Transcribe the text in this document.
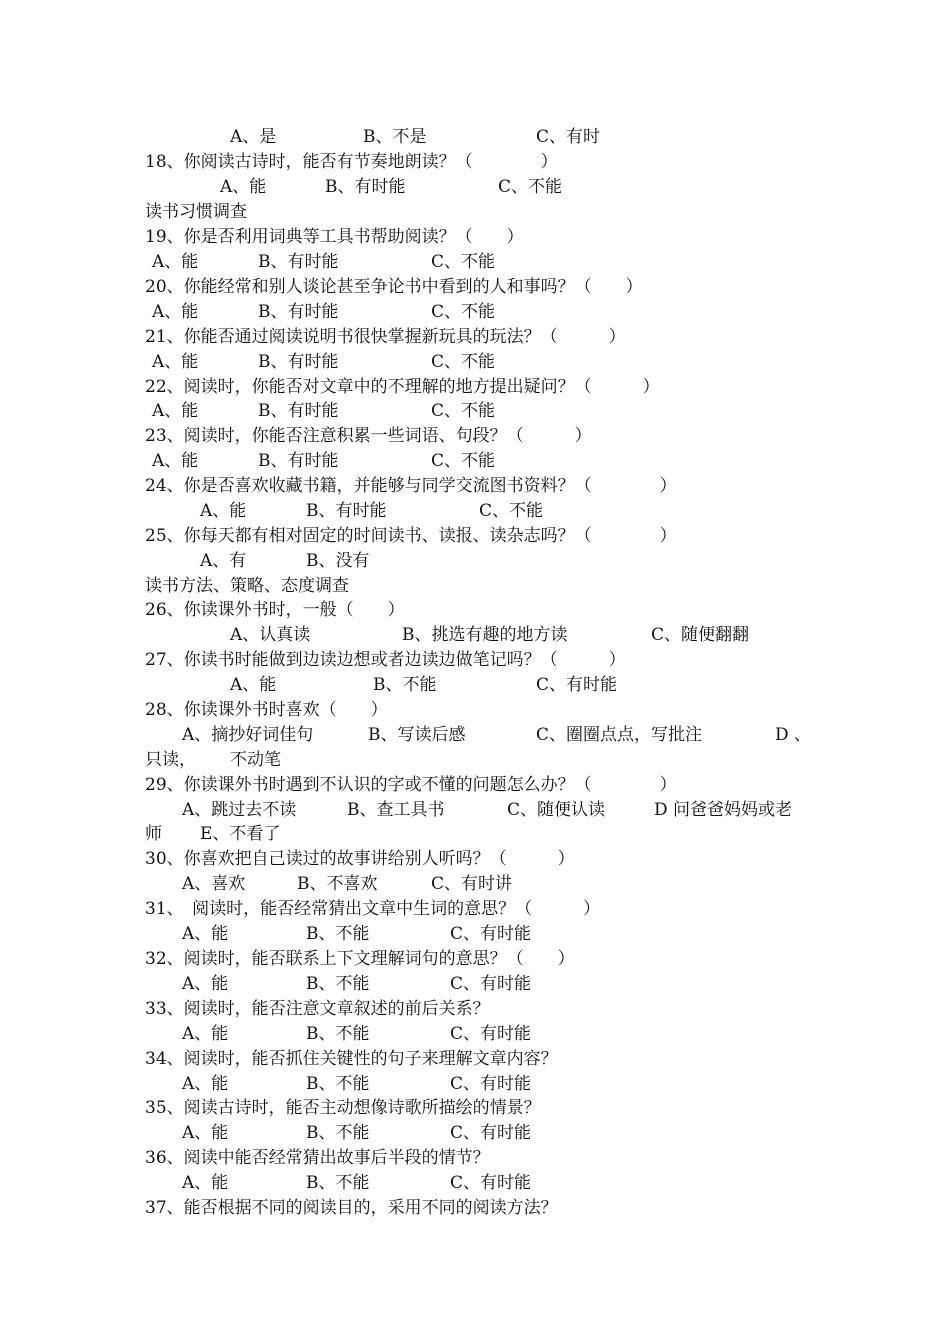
A、是	B、不是	C、有时
18、你阅读古诗时，能否有节奏地朗读？（　　　　）
A、能	B、有时能	C、不能
读书习惯调查
19、你是否利用词典等工具书帮助阅读？（　　）
A、能	B、有时能	C、不能
20、你能经常和别人谈论甚至争论书中看到的人和事吗？（　　）
A、能	B、有时能	C、不能
21、你能否通过阅读说明书很快掌握新玩具的玩法？（　　　）
A、能	B、有时能	C、不能
22、阅读时，你能否对文章中的不理解的地方提出疑问？（　　　）
A、能	B、有时能	C、不能
23、阅读时，你能否注意积累一些词语、句段？（　　　）
A、能	B、有时能	C、不能
24、你是否喜欢收藏书籍，并能够与同学交流图书资料？（　　　　）
A、能	B、有时能	C、不能
25、你每天都有相对固定的时间读书、读报、读杂志吗？（　　　　）
A、有	B、没有
读书方法、策略、态度调查
26、你读课外书时，一般（　　）
A、认真读	B、挑选有趣的地方读	C、随便翻翻
27、你读书时能做到边读边想或者边读边做笔记吗？（　　　）
A、能	B、不能	C、有时能
28、你读课外书时喜欢（　　）
A、摘抄好词佳句	B、写读后感	C、圈圈点点，写批注	D 、
只读， 不动笔
29、你读课外书时遇到不认识的字或不懂的问题怎么办？（　　　　）
A、跳过去不读	B、查工具书	C、随便认读	D 问爸爸妈妈或老
师 E、不看了
30、你喜欢把自己读过的故事讲给别人听吗？（　　　）
A、喜欢	B、不喜欢	C、有时讲
31、　阅读时，能否经常猜出文章中生词的意思？（　　　）
A、能	B、不能	C、有时能
32、阅读时，能否联系上下文理解词句的意思？（　　）
A、能	B、不能	C、有时能
33、阅读时，能否注意文章叙述的前后关系？
A、能	B、不能	C、有时能
34、阅读时，能否抓住关键性的句子来理解文章内容？
A、能	B、不能	C、有时能
35、阅读古诗时，能否主动想像诗歌所描绘的情景？
A、能	B、不能	C、有时能
36、阅读中能否经常猜出故事后半段的情节？
A、能	B、不能	C、有时能
37、能否根据不同的阅读目的，采用不同的阅读方法？
